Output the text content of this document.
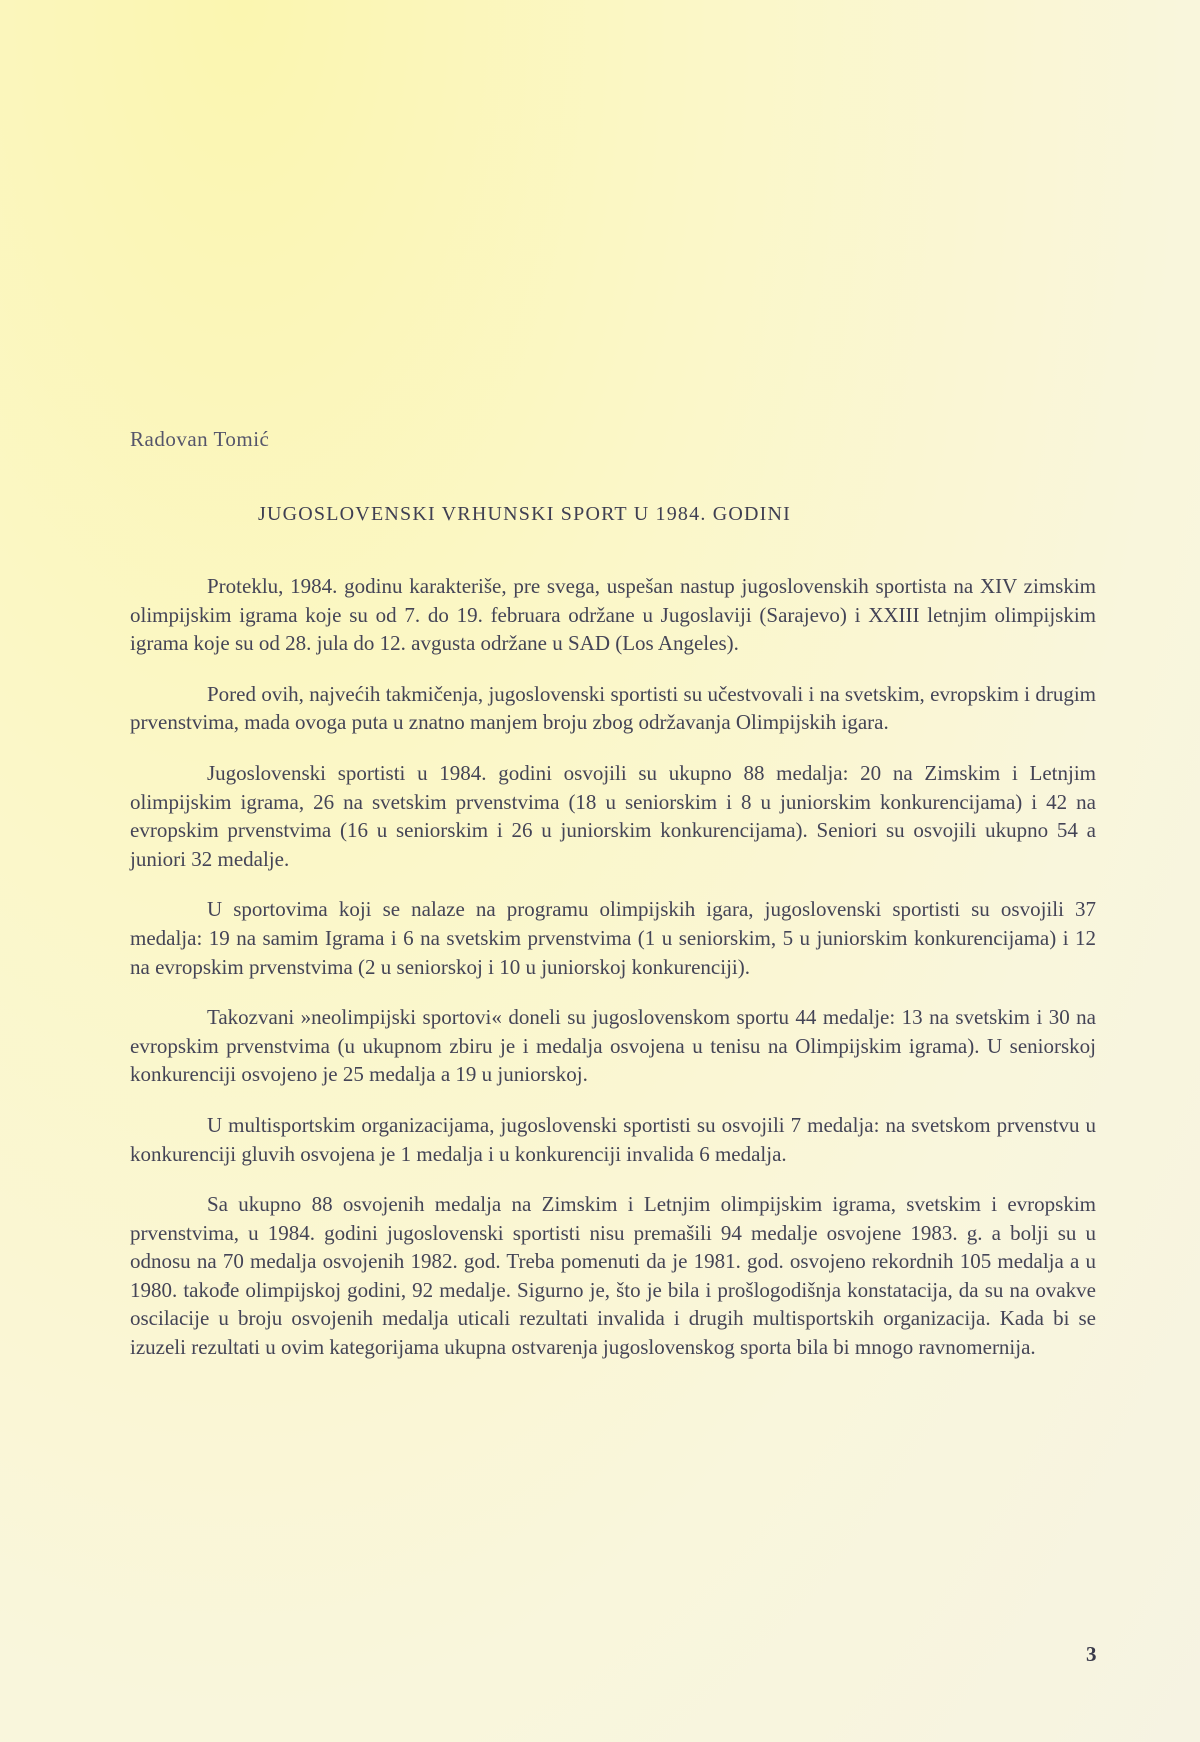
Radovan Tomić
JUGOSLOVENSKI VRHUNSKI SPORT U 1984. GODINI

Proteklu, 1984. godinu karakteriše, pre svega, uspešan nastup jugoslovenskih sportista na XIV zimskim olimpijskim igrama koje su od 7. do 19. februara održane u Jugoslaviji (Sarajevo) i XXIII letnjim olimpijskim igrama koje su od 28. jula do 12. avgusta održane u SAD (Los Angeles).

Pored ovih, najvećih takmičenja, jugoslovenski sportisti su učestvovali i na svetskim, evropskim i drugim prvenstvima, mada ovoga puta u znatno manjem broju zbog održavanja Olimpijskih igara.

Jugoslovenski sportisti u 1984. godini osvojili su ukupno 88 medalja: 20 na Zimskim i Letnjim olimpijskim igrama, 26 na svetskim prvenstvima (18 u seniorskim i 8 u juniorskim konkurencijama) i 42 na evropskim prvenstvima (16 u seniorskim i 26 u juniorskim konkurencijama). Seniori su osvojili ukupno 54 a juniori 32 medalje.

U sportovima koji se nalaze na programu olimpijskih igara, jugoslovenski sportisti su osvojili 37 medalja: 19 na samim Igrama i 6 na svetskim prvenstvima (1 u seniorskim, 5 u juniorskim konkurencijama) i 12 na evropskim prvenstvima (2 u seniorskoj i 10 u juniorskoj konkurenciji).

Takozvani »neolimpijski sportovi« doneli su jugoslovenskom sportu 44 medalje: 13 na svetskim i 30 na evropskim prvenstvima (u ukupnom zbiru je i medalja osvojena u tenisu na Olimpijskim igrama). U seniorskoj konkurenciji osvojeno je 25 medalja a 19 u juniorskoj.

U multisportskim organizacijama, jugoslovenski sportisti su osvojili 7 medalja: na svetskom prvenstvu u konkurenciji gluvih osvojena je 1 medalja i u konkurenciji invalida 6 medalja.

Sa ukupno 88 osvojenih medalja na Zimskim i Letnjim olimpijskim igrama, svetskim i evropskim prvenstvima, u 1984. godini jugoslovenski sportisti nisu premašili 94 medalje osvojene 1983. g. a bolji su u odnosu na 70 medalja osvojenih 1982. god. Treba pomenuti da je 1981. god. osvojeno rekordnih 105 medalja a u 1980. takođe olimpijskoj godini, 92 medalje. Sigurno je, što je bila i prošlogodišnja konstatacija, da su na ovakve oscilacije u broju osvojenih medalja uticali rezultati invalida i drugih multisportskih organizacija. Kada bi se izuzeli rezultati u ovim kategorijama ukupna ostvarenja jugoslovenskog sporta bila bi mnogo ravnomernija.

3
